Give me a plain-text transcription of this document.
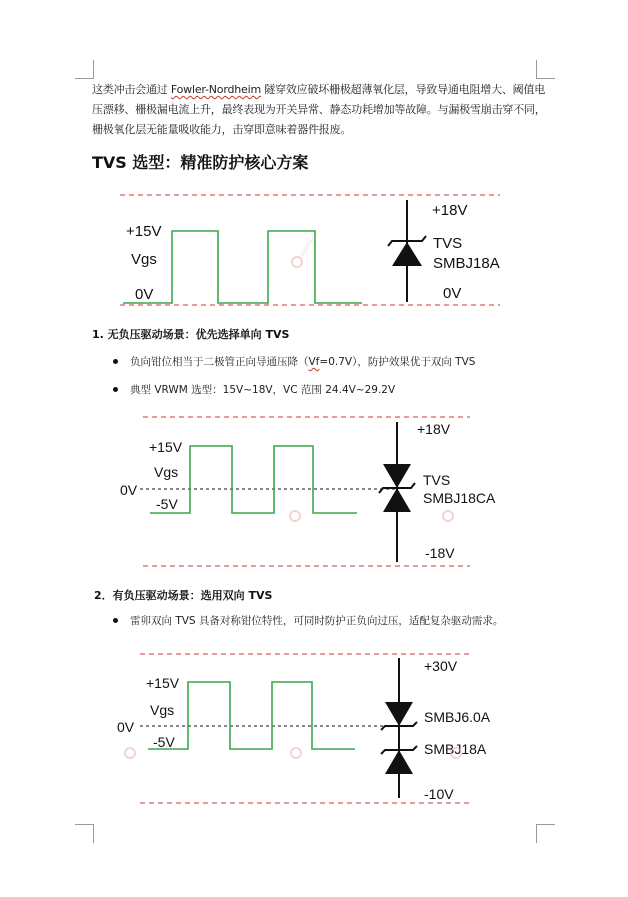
这类冲击会通过 Fowler-Nordheim 隧穿效应破坏栅极超薄氧化层，导致导通电阻增大、阈值电压漂移、栅极漏电流上升，最终表现为开关异常、静态功耗增加等故障。与漏极雪崩击穿不同，栅极氧化层无能量吸收能力，击穿即意味着器件报废。
TVS 选型：精准防护核心方案
+15V
Vgs
0V
+18V
TVS
SMBJ18A
0V
LEIDITECH
1. 无负压驱动场景：优先选择单向 TVS
负向钳位相当于二极管正向导通压降（Vf=0.7V），防护效果优于双向 TVS
典型 VRWM 选型：15V~18V，VC 范围 24.4V~29.2V
+15V
Vgs
0V
-5V
+18V
TVS
SMBJ18CA
-18V
2．有负压驱动场景：选用双向 TVS
雷卯双向 TVS 具备对称钳位特性，可同时防护正负向过压，适配复杂驱动需求。
+15V
Vgs
0V
-5V
+30V
SMBJ6.0A
SMBJ18A
-10V
